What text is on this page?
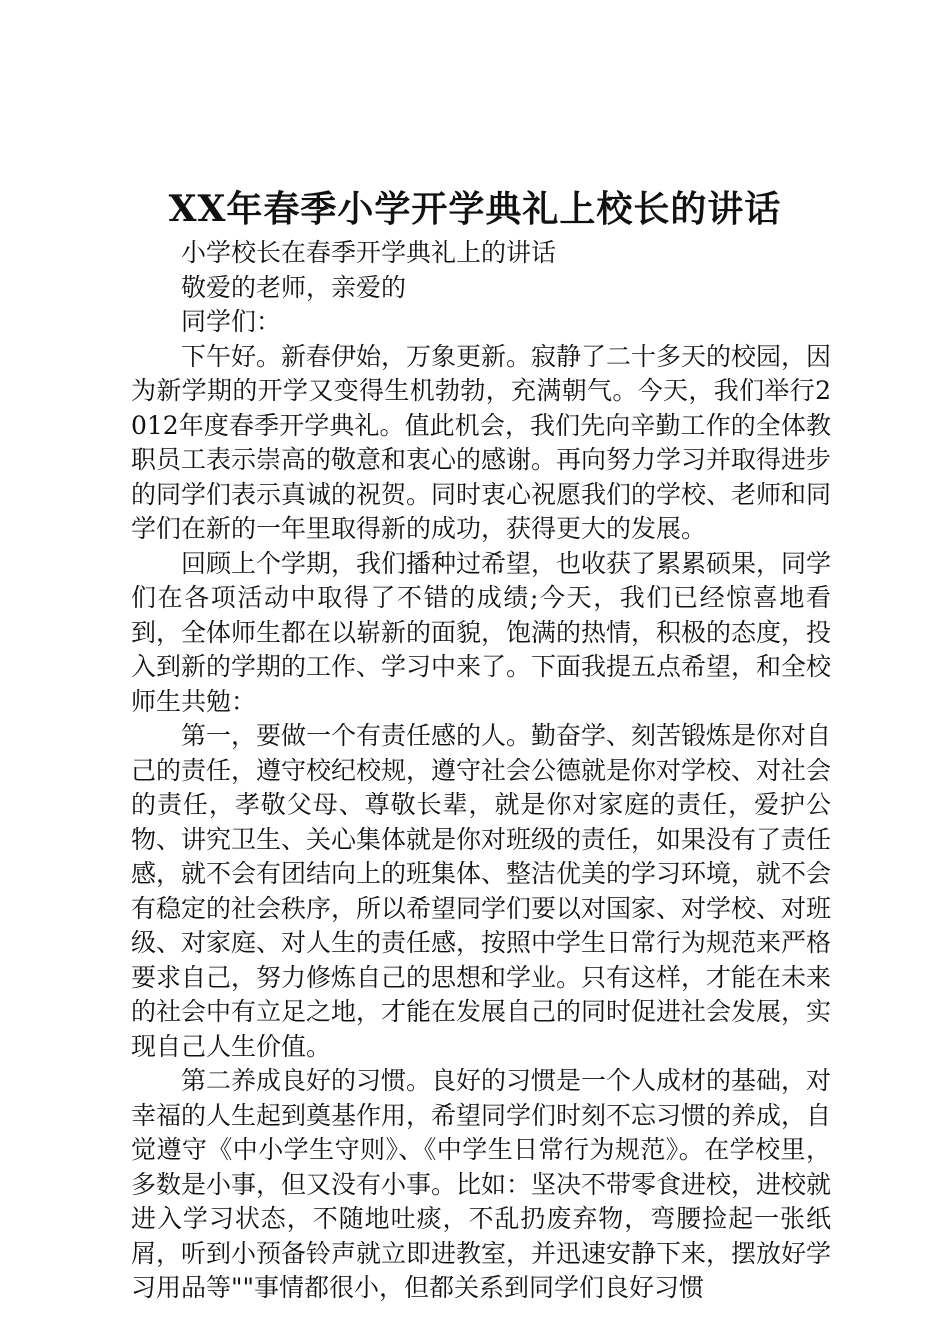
XX年春季小学开学典礼上校长的讲话

小学校长在春季开学典礼上的讲话

敬爱的老师，亲爱的

同学们：

下午好。新春伊始，万象更新。寂静了二十多天的校园，因为新学期的开学又变得生机勃勃，充满朝气。今天，我们举行2012年度春季开学典礼。值此机会，我们先向辛勤工作的全体教职员工表示崇高的敬意和衷心的感谢。再向努力学习并取得进步的同学们表示真诚的祝贺。同时衷心祝愿我们的学校、老师和同学们在新的一年里取得新的成功，获得更大的发展。

回顾上个学期，我们播种过希望，也收获了累累硕果，同学们在各项活动中取得了不错的成绩;今天，我们已经惊喜地看到，全体师生都在以崭新的面貌，饱满的热情，积极的态度，投入到新的学期的工作、学习中来了。下面我提五点希望，和全校师生共勉：

第一，要做一个有责任感的人。勤奋学、刻苦锻炼是你对自己的责任，遵守校纪校规，遵守社会公德就是你对学校、对社会的责任，孝敬父母、尊敬长辈，就是你对家庭的责任，爱护公物、讲究卫生、关心集体就是你对班级的责任，如果没有了责任感，就不会有团结向上的班集体、整洁优美的学习环境，就不会有稳定的社会秩序，所以希望同学们要以对国家、对学校、对班级、对家庭、对人生的责任感，按照中学生日常行为规范来严格要求自己，努力修炼自己的思想和学业。只有这样，才能在未来的社会中有立足之地，才能在发展自己的同时促进社会发展，实现自己人生价值。

第二养成良好的习惯。良好的习惯是一个人成材的基础，对幸福的人生起到奠基作用，希望同学们时刻不忘习惯的养成，自觉遵守《中小学生守则》、《中学生日常行为规范》。在学校里，多数是小事，但又没有小事。比如：坚决不带零食进校，进校就进入学习状态，不随地吐痰，不乱扔废弃物，弯腰捡起一张纸屑，听到小预备铃声就立即进教室，并迅速安静下来，摆放好学习用品等""事情都很小，但都关系到同学们良好习惯
